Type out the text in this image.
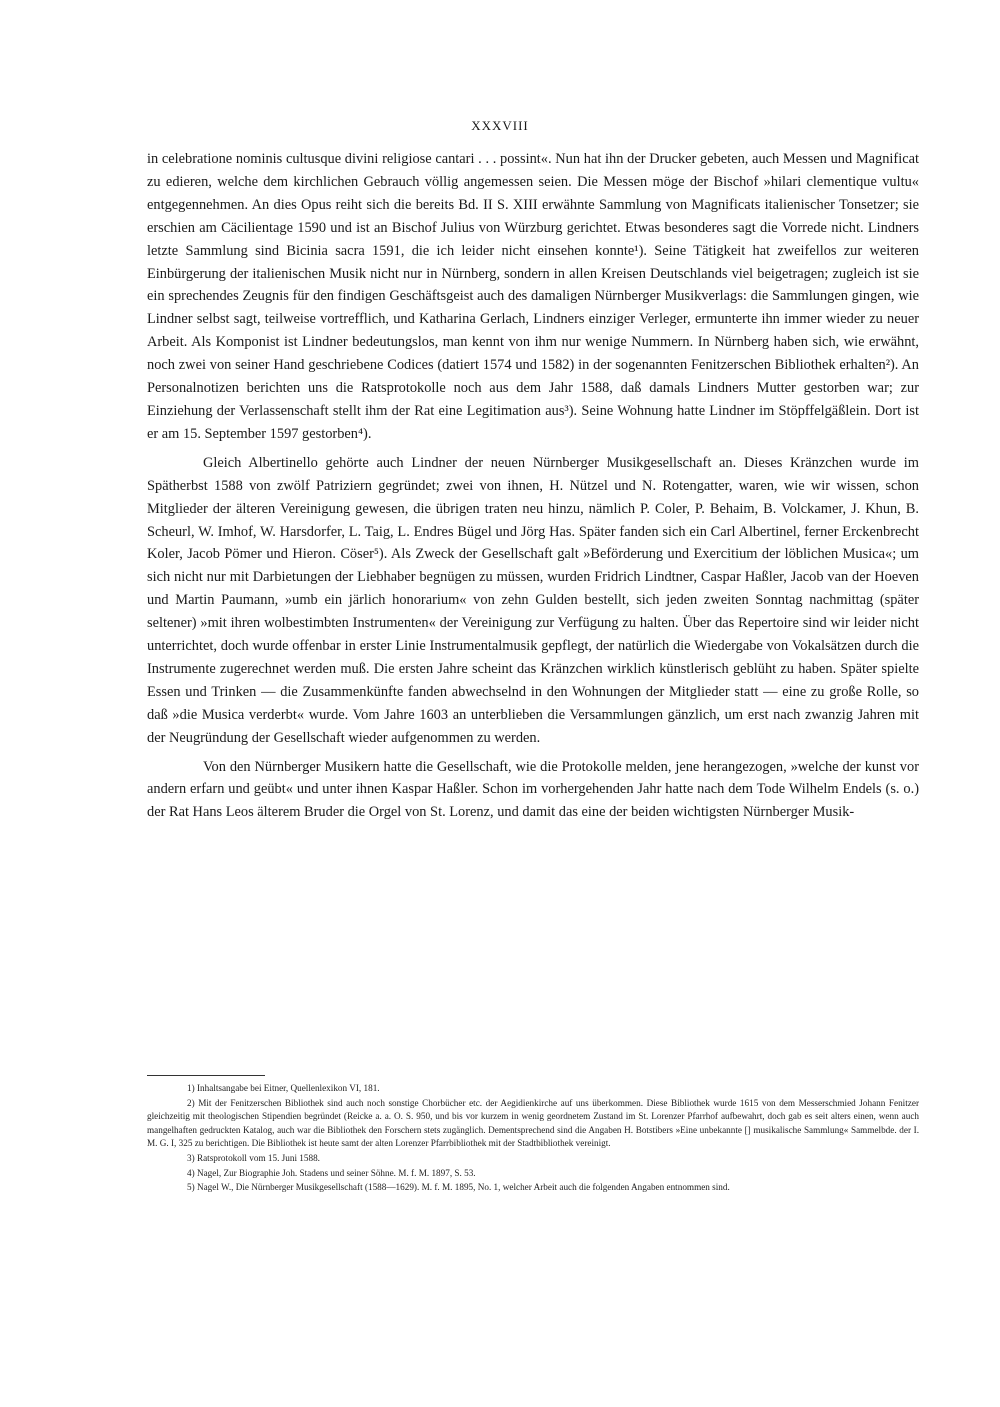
XXXVIII

in celebratione nominis cultusque divini religiose cantari . . . possint«. Nun hat ihn der Drucker gebeten, auch Messen und Magnificat zu edieren, welche dem kirchlichen Gebrauch völlig angemessen seien. Die Messen möge der Bischof »hilari clementique vultu« entgegennehmen. An dies Opus reiht sich die bereits Bd. II S. XIII erwähnte Sammlung von Magnificats italienischer Tonsetzer; sie erschien am Cäcilientage 1590 und ist an Bischof Julius von Würzburg gerichtet. Etwas besonderes sagt die Vorrede nicht. Lindners letzte Sammlung sind Bicinia sacra 1591, die ich leider nicht einsehen konnte¹). Seine Tätigkeit hat zweifellos zur weiteren Einbürgerung der italienischen Musik nicht nur in Nürnberg, sondern in allen Kreisen Deutschlands viel beigetragen; zugleich ist sie ein sprechendes Zeugnis für den findigen Geschäftsgeist auch des damaligen Nürnberger Musikverlags: die Sammlungen gingen, wie Lindner selbst sagt, teilweise vortrefflich, und Katharina Gerlach, Lindners einziger Verleger, ermunterte ihn immer wieder zu neuer Arbeit. Als Komponist ist Lindner bedeutungslos, man kennt von ihm nur wenige Nummern. In Nürnberg haben sich, wie erwähnt, noch zwei von seiner Hand geschriebene Codices (datiert 1574 und 1582) in der sogenannten Fenitzerschen Bibliothek erhalten²). An Personalnotizen berichten uns die Ratsprotokolle noch aus dem Jahr 1588, daß damals Lindners Mutter gestorben war; zur Einziehung der Verlassenschaft stellt ihm der Rat eine Legitimation aus³). Seine Wohnung hatte Lindner im Stöpffelgäßlein. Dort ist er am 15. September 1597 gestorben⁴).

Gleich Albertinello gehörte auch Lindner der neuen Nürnberger Musikgesellschaft an. Dieses Kränzchen wurde im Spätherbst 1588 von zwölf Patriziern gegründet; zwei von ihnen, H. Nützel und N. Rotengatter, waren, wie wir wissen, schon Mitglieder der älteren Vereinigung gewesen, die übrigen traten neu hinzu, nämlich P. Coler, P. Behaim, B. Volckamer, J. Khun, B. Scheurl, W. Imhof, W. Harsdorfer, L. Taig, L. Endres Bügel und Jörg Has. Später fanden sich ein Carl Albertinel, ferner Erckenbrecht Koler, Jacob Pömer und Hieron. Cöser⁵). Als Zweck der Gesellschaft galt »Beförderung und Exercitium der löblichen Musica«; um sich nicht nur mit Darbietungen der Liebhaber begnügen zu müssen, wurden Fridrich Lindtner, Caspar Haßler, Jacob van der Hoeven und Martin Paumann, »umb ein järlich honorarium« von zehn Gulden bestellt, sich jeden zweiten Sonntag nachmittag (später seltener) »mit ihren wolbestimbten Instrumenten« der Vereinigung zur Verfügung zu halten. Über das Repertoire sind wir leider nicht unterrichtet, doch wurde offenbar in erster Linie Instrumentalmusik gepflegt, der natürlich die Wiedergabe von Vokalsätzen durch die Instrumente zugerechnet werden muß. Die ersten Jahre scheint das Kränzchen wirklich künstlerisch geblüht zu haben. Später spielte Essen und Trinken — die Zusammenkünfte fanden abwechselnd in den Wohnungen der Mitglieder statt — eine zu große Rolle, so daß »die Musica verderbt« wurde. Vom Jahre 1603 an unterblieben die Versammlungen gänzlich, um erst nach zwanzig Jahren mit der Neugründung der Gesellschaft wieder aufgenommen zu werden.

Von den Nürnberger Musikern hatte die Gesellschaft, wie die Protokolle melden, jene herangezogen, »welche der kunst vor andern erfarn und geübt« und unter ihnen Kaspar Haßler. Schon im vorhergehenden Jahr hatte nach dem Tode Wilhelm Endels (s. o.) der Rat Hans Leos älterem Bruder die Orgel von St. Lorenz, und damit das eine der beiden wichtigsten Nürnberger Musik-

1) Inhaltsangabe bei Eitner, Quellenlexikon VI, 181.

2) Mit der Fenitzerschen Bibliothek sind auch noch sonstige Chorbücher etc. der Aegidienkirche auf uns überkommen. Diese Bibliothek wurde 1615 von dem Messerschmied Johann Fenitzer gleichzeitig mit theologischen Stipendien begründet (Reicke a. a. O. S. 950, und bis vor kurzem in wenig geordnetem Zustand im St. Lorenzer Pfarrhof aufbewahrt, doch gab es seit alters einen, wenn auch mangelhaften gedruckten Katalog, auch war die Bibliothek den Forschern stets zugänglich. Dementsprechend sind die Angaben H. Botstibers »Eine unbekannte [] musikalische Sammlung« Sammelbde. der I. M. G. I, 325 zu berichtigen. Die Bibliothek ist heute samt der alten Lorenzer Pfarrbibliothek mit der Stadtbibliothek vereinigt.

3) Ratsprotokoll vom 15. Juni 1588.

4) Nagel, Zur Biographie Joh. Stadens und seiner Söhne. M. f. M. 1897, S. 53.

5) Nagel W., Die Nürnberger Musikgesellschaft (1588—1629). M. f. M. 1895, No. 1, welcher Arbeit auch die folgenden Angaben entnommen sind.
